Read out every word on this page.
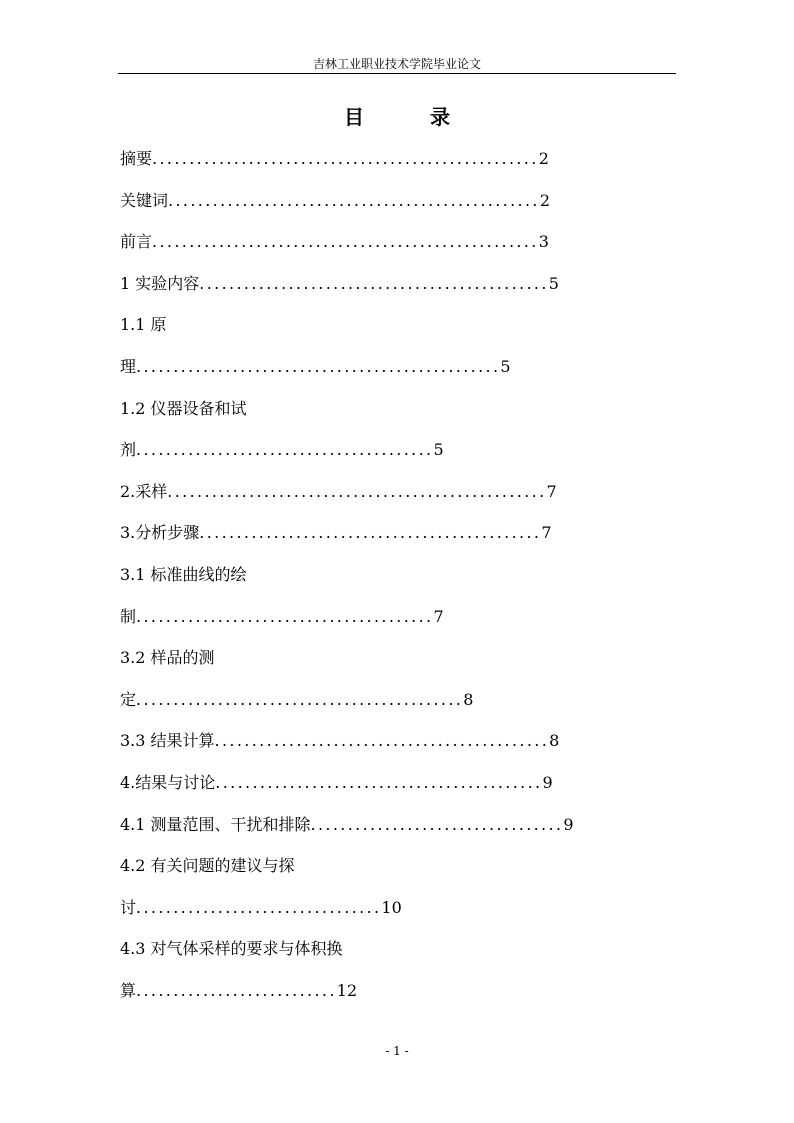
吉林工业职业技术学院毕业论文
目录
摘要....................................................2
关键词..................................................2
前言....................................................3
1 实验内容...............................................5
1.1 原
理.................................................5
1.2 仪器设备和试
剂........................................5
2.采样...................................................7
3.分析步骤..............................................7
3.1 标准曲线的绘
制........................................7
3.2 样品的测
定............................................8
3.3 结果计算.............................................8
4.结果与讨论............................................9
4.1 测量范围、干扰和排除..................................9
4.2 有关问题的建议与探
讨.................................10
4.3 对气体采样的要求与体积换
算...........................12
- 1 -
